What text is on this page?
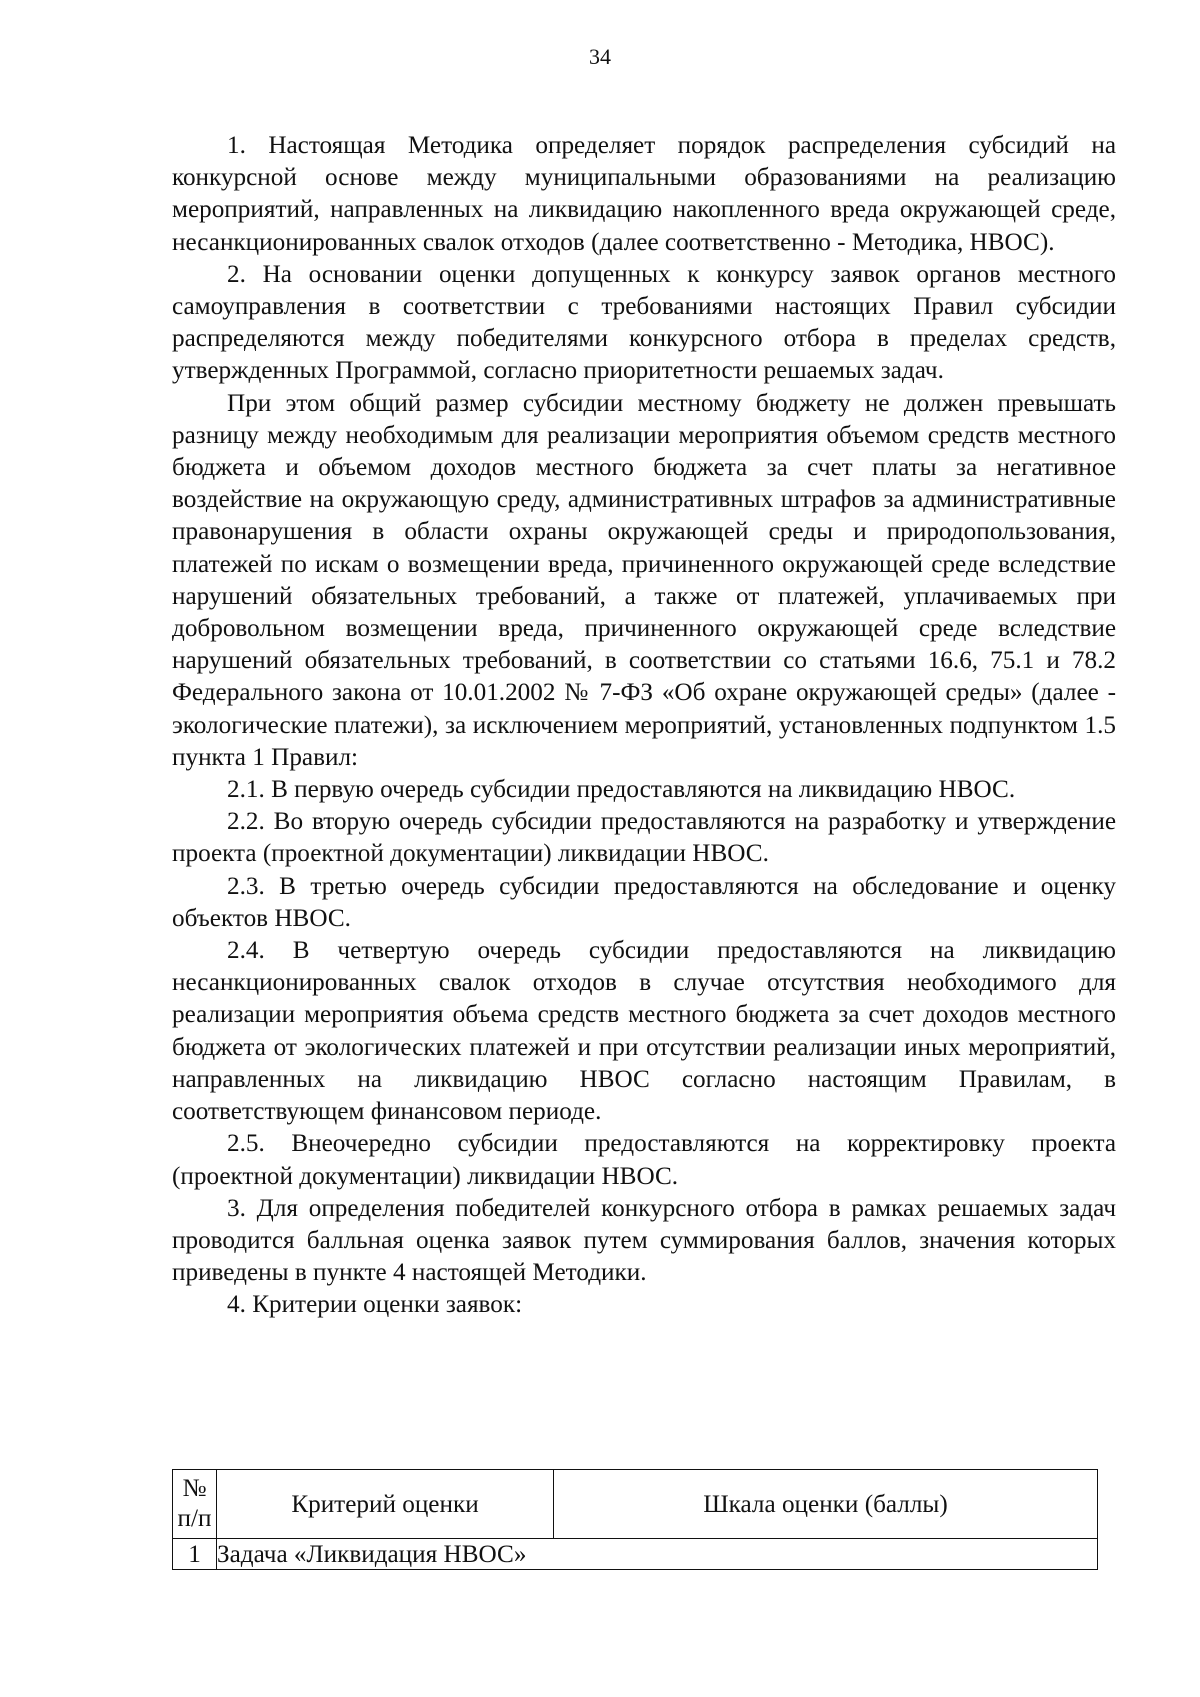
34

1. Настоящая Методика определяет порядок распределения субсидий на конкурсной основе между муниципальными образованиями на реализацию мероприятий, направленных на ликвидацию накопленного вреда окружающей среде, несанкционированных свалок отходов (далее соответственно - Методика, НВОС).

2. На основании оценки допущенных к конкурсу заявок органов местного самоуправления в соответствии с требованиями настоящих Правил субсидии распределяются между победителями конкурсного отбора в пределах средств, утвержденных Программой, согласно приоритетности решаемых задач.

При этом общий размер субсидии местному бюджету не должен превышать разницу между необходимым для реализации мероприятия объемом средств местного бюджета и объемом доходов местного бюджета за счет платы за негативное воздействие на окружающую среду, административных штрафов за административные правонарушения в области охраны окружающей среды и природопользования, платежей по искам о возмещении вреда, причиненного окружающей среде вследствие нарушений обязательных требований, а также от платежей, уплачиваемых при добровольном возмещении вреда, причиненного окружающей среде вследствие нарушений обязательных требований, в соответствии со статьями 16.6, 75.1 и 78.2 Федерального закона от 10.01.2002 № 7-ФЗ «Об охране окружающей среды» (далее - экологические платежи), за исключением мероприятий, установленных подпунктом 1.5 пункта 1 Правил:

2.1. В первую очередь субсидии предоставляются на ликвидацию НВОС.

2.2. Во вторую очередь субсидии предоставляются на разработку и утверждение проекта (проектной документации) ликвидации НВОС.

2.3. В третью очередь субсидии предоставляются на обследование и оценку объектов НВОС.

2.4. В четвертую очередь субсидии предоставляются на ликвидацию несанкционированных свалок отходов в случае отсутствия необходимого для реализации мероприятия объема средств местного бюджета за счет доходов местного бюджета от экологических платежей и при отсутствии реализации иных мероприятий, направленных на ликвидацию НВОС согласно настоящим Правилам, в соответствующем финансовом периоде.

2.5. Внеочередно субсидии предоставляются на корректировку проекта (проектной документации) ликвидации НВОС.

3. Для определения победителей конкурсного отбора в рамках решаемых задач проводится балльная оценка заявок путем суммирования баллов, значения которых приведены в пункте 4 настоящей Методики.

4. Критерии оценки заявок:

№
п/п	Критерий оценки	Шкала оценки (баллы)
1	Задача «Ликвидация НВОС»	
